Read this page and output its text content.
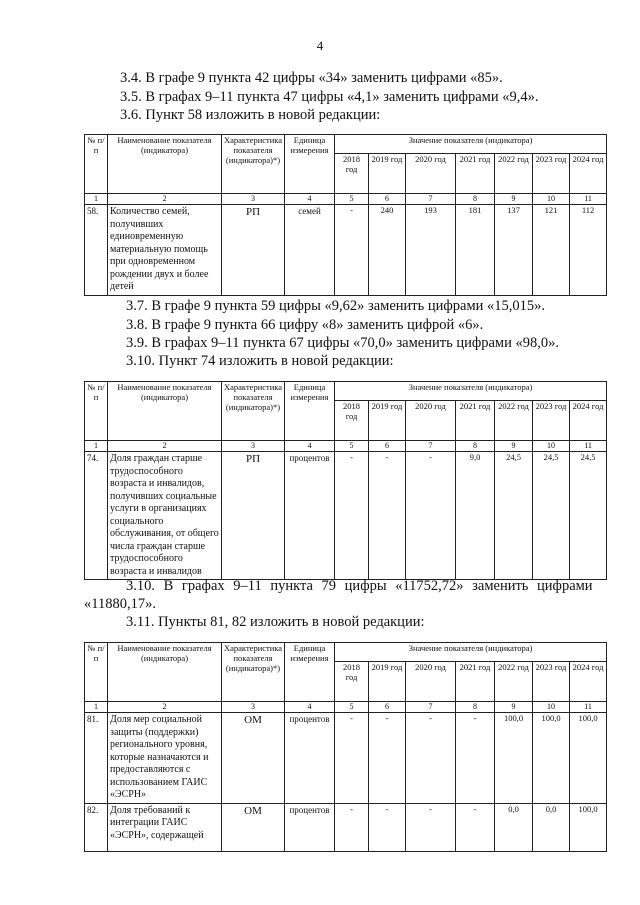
4
3.4. В графе 9 пункта 42 цифры «34» заменить цифрами «85».
3.5. В графах 9–11 пункта 47 цифры «4,1» заменить цифрами «9,4».
3.6. Пункт 58 изложить в новой редакции:
№ п/п	Наименование показателя (индикатора)	Характеристика показателя (индикатора)*)	Единица измерения	Значение показателя (индикатора)						
				2018 год	2019 год	2020 год	2021 год	2022 год	2023 год	2024 год
1	2	3	4	5	6	7	8	9	10	11
58.	Количество семей, получивших единовременную материальную помощь при одновременном рождении двух и более детей	РП	семей	-	240	193	181	137	121	112
3.7. В графе 9 пункта 59 цифры «9,62» заменить цифрами «15,015».
3.8. В графе 9 пункта 66 цифру «8» заменить цифрой «6».
3.9. В графах 9–11 пункта 67 цифры «70,0» заменить цифрами «98,0».
3.10. Пункт 74 изложить в новой редакции:
№ п/п	Наименование показателя (индикатора)	Характеристика показателя (индикатора)*)	Единица измерения	Значение показателя (индикатора)						
				2018 год	2019 год	2020 год	2021 год	2022 год	2023 год	2024 год
1	2	3	4	5	6	7	8	9	10	11
74.	Доля граждан старше трудоспособного возраста и инвалидов, получивших социальные услуги в организациях социального обслуживания, от общего числа граждан старше трудоспособного возраста и инвалидов	РП	процентов	-	-	-	9,0	24,5	24,5	24,5
3.10. В графах 9–11 пункта 79 цифры «11752,72» заменить цифрами
«11880,17».
3.11. Пункты 81, 82 изложить в новой редакции:
№ п/п	Наименование показателя (индикатора)	Характеристика показателя (индикатора)*)	Единица измерения	Значение показателя (индикатора)						
				2018 год	2019 год	2020 год	2021 год	2022 год	2023 год	2024 год
1	2	3	4	5	6	7	8	9	10	11
81.	Доля мер социальной защиты (поддержки) регионального уровня, которые назначаются и предоставляются с использованием ГАИС «ЭСРН»	ОМ	процентов	-	-	-	-	100,0	100,0	100,0
82.	Доля требований к интеграции ГАИС «ЭСРН», содержащей	ОМ	процентов	-	-	-	-	0,0	0,0	100,0
